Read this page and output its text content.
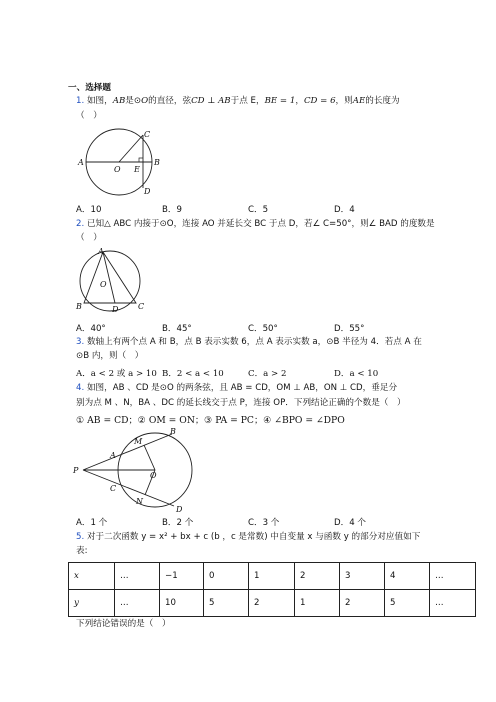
一、选择题
1. 如图，AB是⊙O的直径，弦CD ⊥ AB于点 E，BE = 1，CD = 6，则AE的长度为
（　）
A
O E
B
C
D
A．10	B．9	C．5	D．4
2. 已知△ ABC 内接于⊙O，连接 AO 并延长交 BC 于点 D，若∠ C=50°，则∠ BAD 的度数是
（　）
A
O
B	D C
A．40°	B．45°	C．50°	D．55°
3. 数轴上有两个点 A 和 B，点 B 表示实数 6，点 A 表示实数 a，⊙B 半径为 4．若点 A 在
⊙B 内，则（　）
A．a < 2 或 a > 10 B．2 < a < 10	C．a > 2	D．a < 10
4. 如图，AB 、CD 是⊙O 的两条弦，且 AB = CD，OM ⊥ AB，ON ⊥ CD，垂足分
别为点 M 、N，BA 、DC 的延长线交于点 P，连接 OP．下列结论正确的个数是（　）
① AB = CD；② OM = ON；③ PA = PC；④ ∠BPO = ∠DPO
B
M
A
P
O
C
N
D
A．1 个	B．2 个	C．3 个	D．4 个
5. 对于二次函数 y = x² + bx + c (b ，c 是常数) 中自变量 x 与函数 y 的部分对应值如下
表:
x	…	−1	0	1	2	3	4	…
y	…	10	5	2	1	2	5	…
下列结论错误的是（　）
